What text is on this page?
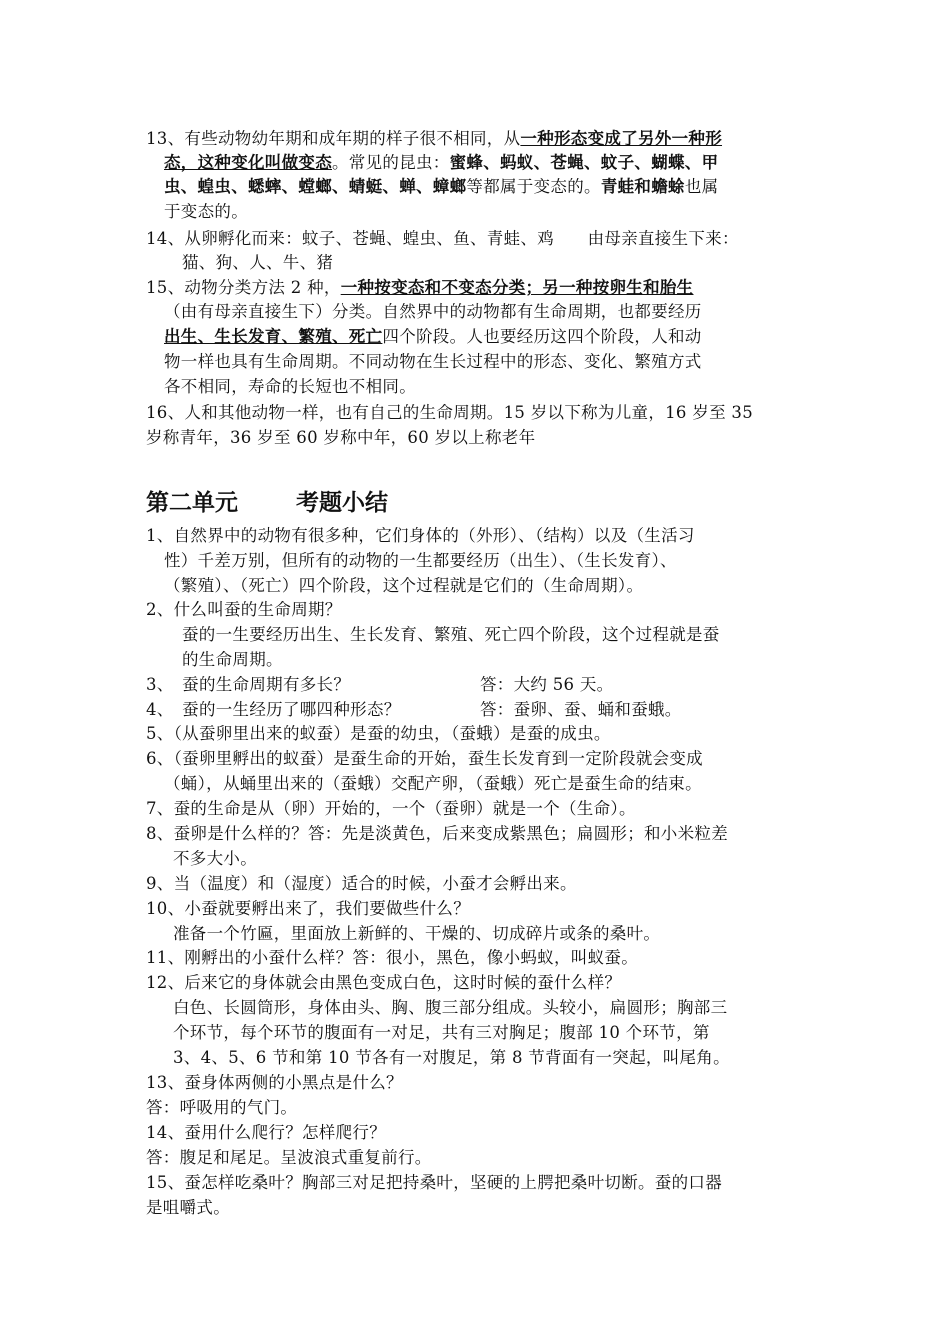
13、有些动物幼年期和成年期的样子很不相同，从一种形态变成了另外一种形
态，这种变化叫做变态。常见的昆虫：蜜蜂、蚂蚁、苍蝇、蚊子、蝴蝶、甲
虫、蝗虫、蟋蟀、螳螂、蜻蜓、蝉、蟑螂等都属于变态的。青蛙和蟾蜍也属
于变态的。
14、从卵孵化而来：蚊子、苍蝇、蝗虫、鱼、青蛙、鸡　　由母亲直接生下来：
猫、狗、人、牛、猪
15、动物分类方法 2 种，一种按变态和不变态分类；另一种按卵生和胎生
（由有母亲直接生下）分类。自然界中的动物都有生命周期，也都要经历
出生、生长发育、繁殖、死亡四个阶段。人也要经历这四个阶段，人和动
物一样也具有生命周期。不同动物在生长过程中的形态、变化、繁殖方式
各不相同，寿命的长短也不相同。
16、人和其他动物一样，也有自己的生命周期。15 岁以下称为儿童，16 岁至 35
岁称青年，36 岁至 60 岁称中年，60 岁以上称老年
第二单元	考题小结
1、自然界中的动物有很多种，它们身体的（外形）、（结构）以及（生活习
性）千差万别，但所有的动物的一生都要经历（出生）、（生长发育）、
（繁殖）、（死亡）四个阶段，这个过程就是它们的（生命周期）。
2、什么叫蚕的生命周期？
蚕的一生要经历出生、生长发育、繁殖、死亡四个阶段，这个过程就是蚕
的生命周期。
3、　蚕的生命周期有多长？	答：大约 56 天。
4、　蚕的一生经历了哪四种形态？	答：蚕卵、蚕、蛹和蚕蛾。
5、（从蚕卵里出来的蚁蚕）是蚕的幼虫，（蚕蛾）是蚕的成虫。
6、（蚕卵里孵出的蚁蚕）是蚕生命的开始，蚕生长发育到一定阶段就会变成
（蛹），从蛹里出来的（蚕蛾）交配产卵，（蚕蛾）死亡是蚕生命的结束。
7、蚕的生命是从（卵）开始的，一个（蚕卵）就是一个（生命）。
8、蚕卵是什么样的？答：先是淡黄色，后来变成紫黑色；扁圆形；和小米粒差
不多大小。
9、当（温度）和（湿度）适合的时候，小蚕才会孵出来。
10、小蚕就要孵出来了，我们要做些什么？
准备一个竹匾，里面放上新鲜的、干燥的、切成碎片或条的桑叶。
11、刚孵出的小蚕什么样？答：很小，黑色，像小蚂蚁，叫蚁蚕。
12、后来它的身体就会由黑色变成白色，这时时候的蚕什么样？
白色、长圆筒形，身体由头、胸、腹三部分组成。头较小，扁圆形；胸部三
个环节，每个环节的腹面有一对足，共有三对胸足；腹部 10 个环节，第
3、4、5、6 节和第 10 节各有一对腹足，第 8 节背面有一突起，叫尾角。
13、蚕身体两侧的小黑点是什么？
答：呼吸用的气门。
14、蚕用什么爬行？怎样爬行？
答：腹足和尾足。呈波浪式重复前行。
15、蚕怎样吃桑叶？胸部三对足把持桑叶，坚硬的上腭把桑叶切断。蚕的口器
是咀嚼式。
